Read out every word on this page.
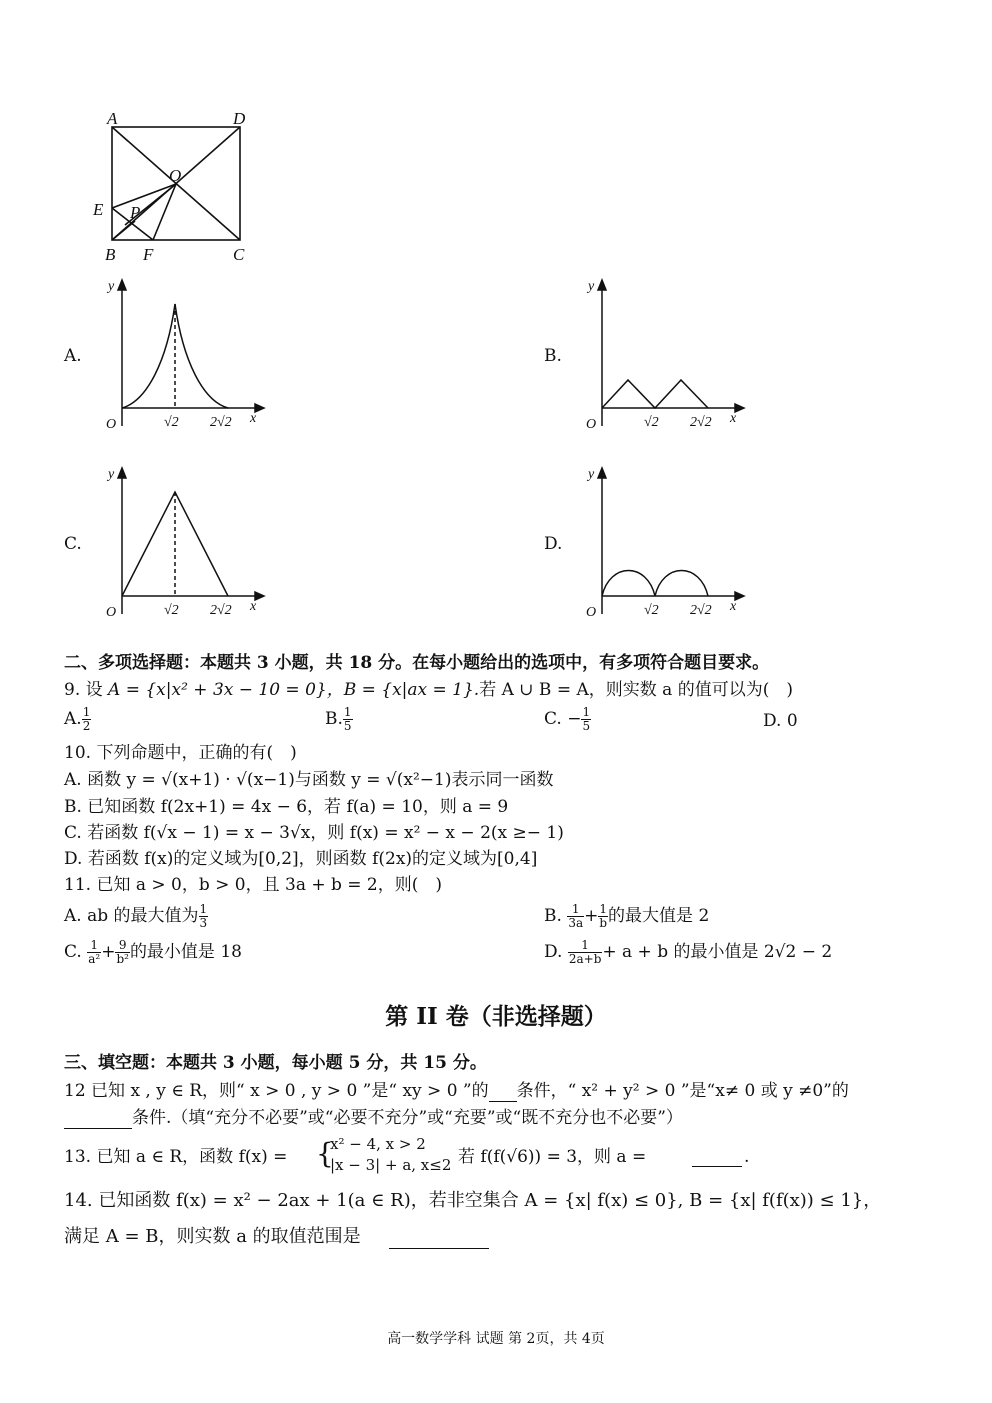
A	D
O
E P
B F	C
A.	B.
C.	D.
y
x
O	√2 2√2
y
x
O	√2 2√2
y
x
O	√2 2√2
y
x
O	√2 2√2
二、多项选择题：本题共 3 小题，共 18 分。在每小题给出的选项中，有多项符合题目要求。
9. 设 A = {x|x² + 3x − 10 = 0}，B = {x|ax = 1}.若 A ∪ B = A，则实数 a 的值可以为(　)
A. $\frac{1}{2}$	B. $\frac{1}{5}$	C. − $\frac{1}{5}$	D. 0
10. 下列命题中，正确的有(　)
A. 函数 y = √(x+1) · √(x−1)与函数 y = √(x²−1)表示同一函数
B. 已知函数 f(2x+1) = 4x − 6，若 f(a) = 10，则 a = 9
C. 若函数 f(√x − 1) = x − 3√x，则 f(x) = x² − x − 2(x ≥− 1)
D. 若函数 f(x)的定义域为[0,2]，则函数 f(2x)的定义域为[0,4]
11. 已知 a > 0，b > 0，且 3a + b = 2，则(　)
A. ab 的最大值为 $\frac{1}{3}$	B. $\frac{1}{3a} + \frac{1}{b}$ 的最大值是 2
C. $\frac{1}{\text{a²}} + \frac{9}{\text{b²}}$ 的最小值是 18	D. $\frac{1}{2a+b} + a + b$ 的最小值是 2√2 − 2
第 II 卷（非选择题）
三、填空题：本题共 3 小题，每小题 5 分，共 15 分。
12 已知 x , y ∈ R，则“ x > 0 , y > 0 ”是“ xy > 0 ”的 条件，“ x² + y² > 0 ”是“x≠ 0 或 y ≠0”的
条件.（填“充分不必要”或“必要不充分”或“充要”或“既不充分也不必要”）
13. 已知 a ∈ R，函数 f(x) = {
x² − 4, x > 2
|x − 3| + a, x≤2 若 f(f(√6)) = 3，则 a =	.
14. 已知函数 f(x) = x² − 2ax + 1(a ∈ R)，若非空集合 A = {x| f(x) ≤ 0}, B = {x| f(f(x)) ≤ 1}，
满足 A = B，则实数 a 的取值范围是
高一数学学科 试题 第 2页，共 4页
